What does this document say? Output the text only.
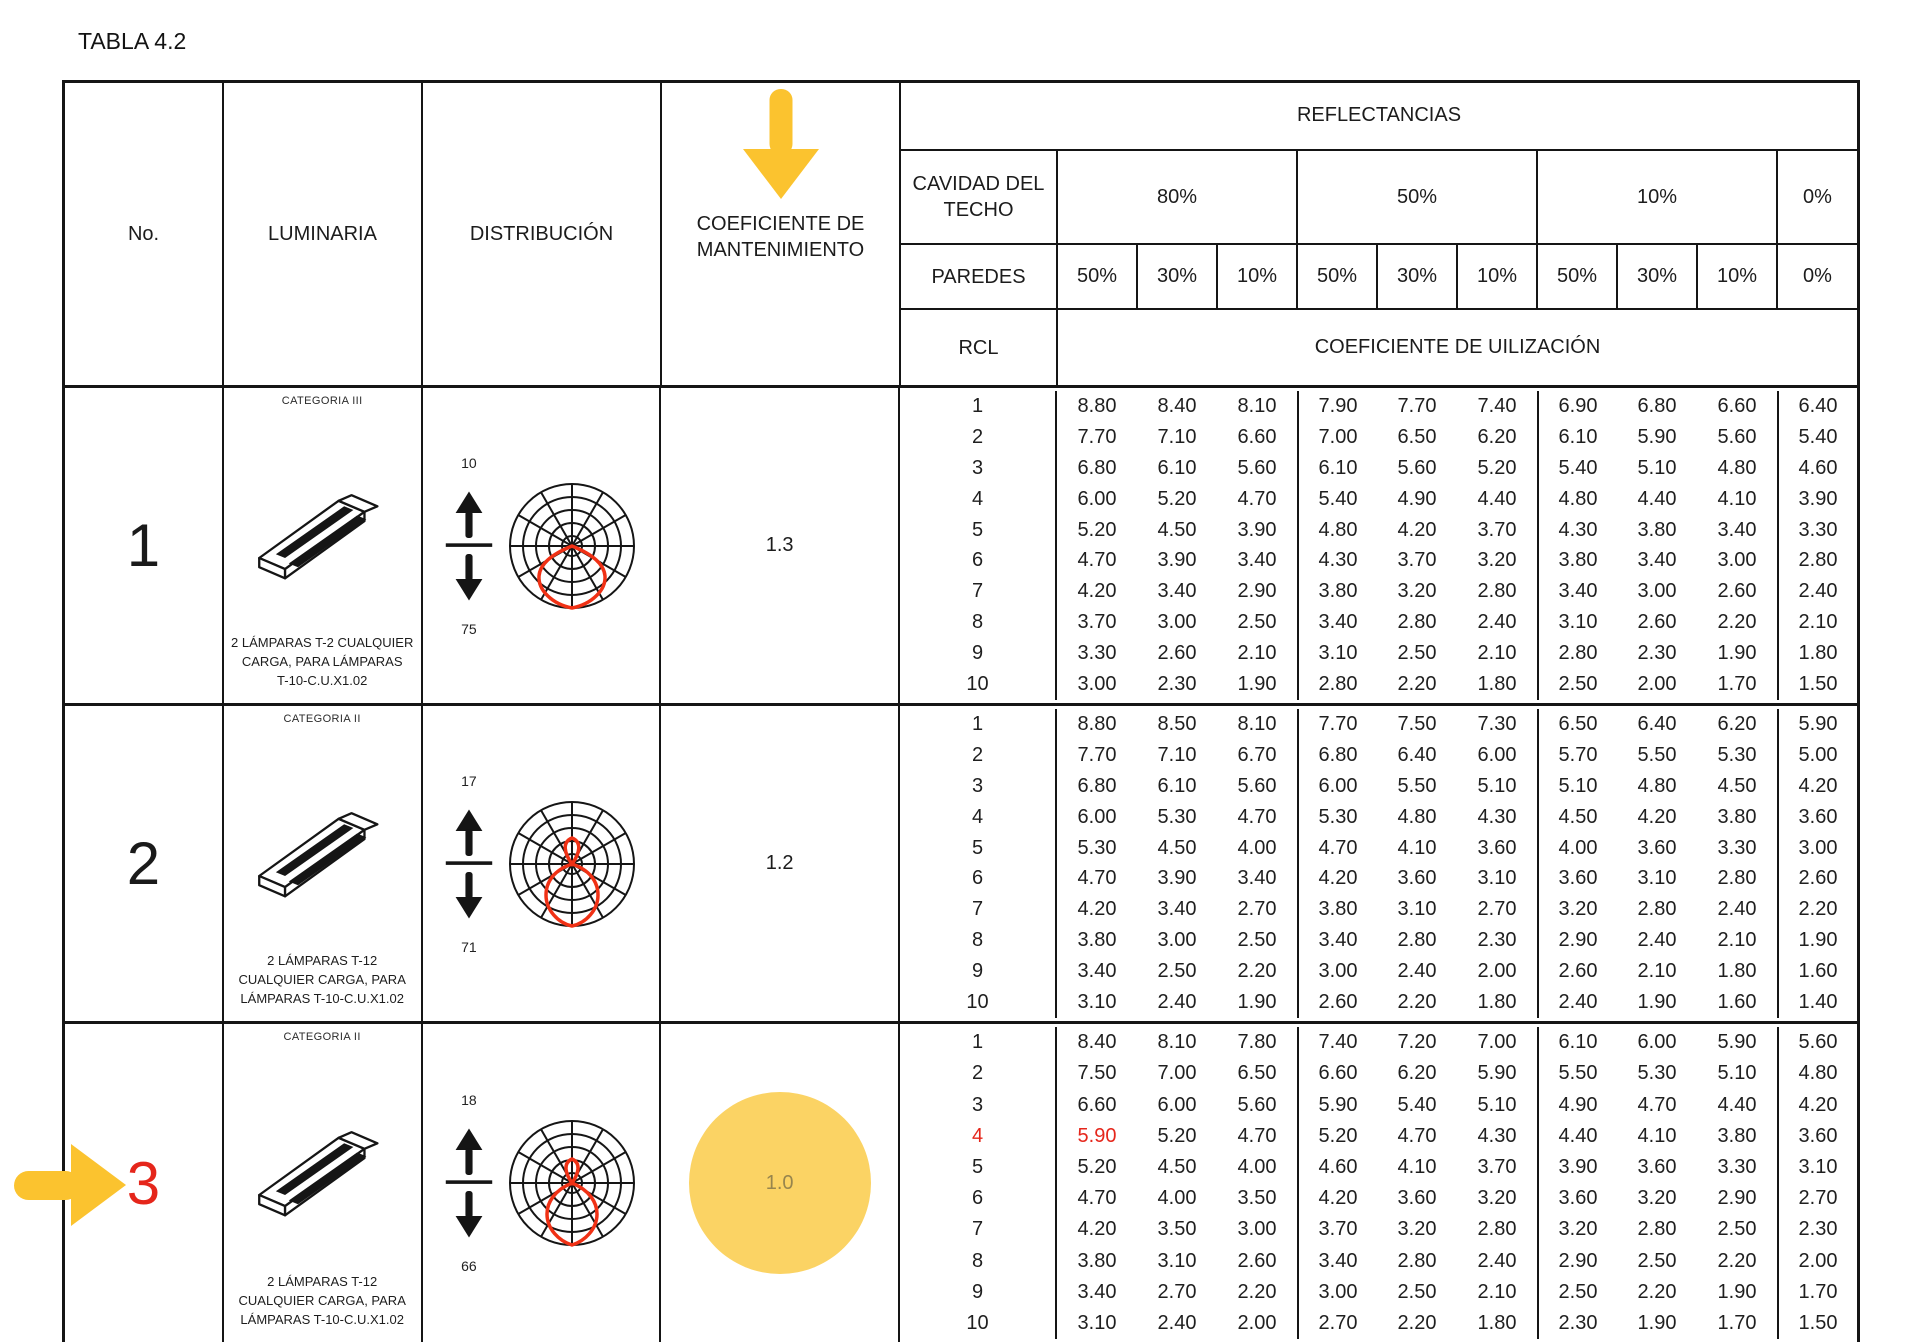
TABLA 4.2
No.	LUMINARIA	DISTRIBUCIÓN	COEFICIENTE DE MANTENIMIENTO
REFLECTANCIAS
CAVIDAD DEL TECHO
80%	50%	10%	0%
PAREDES	50%	30%	10%	50%	30%	10%	50%	30%	10%	0%
RCL	COEFICIENTE DE UILIZACIÓN
1
CATEGORIA III
2 LÁMPARAS T-2 CUALQUIER
CARGA, PARA LÁMPARAS
T-10-C.U.X1.02
10
75
1.3
1	8.80	8.40	8.10	7.90	7.70	7.40	6.90	6.80	6.60	6.40
2	7.70	7.10	6.60	7.00	6.50	6.20	6.10	5.90	5.60	5.40
3	6.80	6.10	5.60	6.10	5.60	5.20	5.40	5.10	4.80	4.60
4	6.00	5.20	4.70	5.40	4.90	4.40	4.80	4.40	4.10	3.90
5	5.20	4.50	3.90	4.80	4.20	3.70	4.30	3.80	3.40	3.30
6	4.70	3.90	3.40	4.30	3.70	3.20	3.80	3.40	3.00	2.80
7	4.20	3.40	2.90	3.80	3.20	2.80	3.40	3.00	2.60	2.40
8	3.70	3.00	2.50	3.40	2.80	2.40	3.10	2.60	2.20	2.10
9	3.30	2.60	2.10	3.10	2.50	2.10	2.80	2.30	1.90	1.80
10	3.00	2.30	1.90	2.80	2.20	1.80	2.50	2.00	1.70	1.50
2
CATEGORIA II
2 LÁMPARAS T-12
CUALQUIER CARGA, PARA
LÁMPARAS T-10-C.U.X1.02
17
71
1.2
1	8.80	8.50	8.10	7.70	7.50	7.30	6.50	6.40	6.20	5.90
2	7.70	7.10	6.70	6.80	6.40	6.00	5.70	5.50	5.30	5.00
3	6.80	6.10	5.60	6.00	5.50	5.10	5.10	4.80	4.50	4.20
4	6.00	5.30	4.70	5.30	4.80	4.30	4.50	4.20	3.80	3.60
5	5.30	4.50	4.00	4.70	4.10	3.60	4.00	3.60	3.30	3.00
6	4.70	3.90	3.40	4.20	3.60	3.10	3.60	3.10	2.80	2.60
7	4.20	3.40	2.70	3.80	3.10	2.70	3.20	2.80	2.40	2.20
8	3.80	3.00	2.50	3.40	2.80	2.30	2.90	2.40	2.10	1.90
9	3.40	2.50	2.20	3.00	2.40	2.00	2.60	2.10	1.80	1.60
10	3.10	2.40	1.90	2.60	2.20	1.80	2.40	1.90	1.60	1.40
3
CATEGORIA II
2 LÁMPARAS T-12
CUALQUIER CARGA, PARA
LÁMPARAS T-10-C.U.X1.02
18
66
1.0
1	8.40	8.10	7.80	7.40	7.20	7.00	6.10	6.00	5.90	5.60
2	7.50	7.00	6.50	6.60	6.20	5.90	5.50	5.30	5.10	4.80
3	6.60	6.00	5.60	5.90	5.40	5.10	4.90	4.70	4.40	4.20
4	5.90	5.20	4.70	5.20	4.70	4.30	4.40	4.10	3.80	3.60
5	5.20	4.50	4.00	4.60	4.10	3.70	3.90	3.60	3.30	3.10
6	4.70	4.00	3.50	4.20	3.60	3.20	3.60	3.20	2.90	2.70
7	4.20	3.50	3.00	3.70	3.20	2.80	3.20	2.80	2.50	2.30
8	3.80	3.10	2.60	3.40	2.80	2.40	2.90	2.50	2.20	2.00
9	3.40	2.70	2.20	3.00	2.50	2.10	2.50	2.20	1.90	1.70
10	3.10	2.40	2.00	2.70	2.20	1.80	2.30	1.90	1.70	1.50
